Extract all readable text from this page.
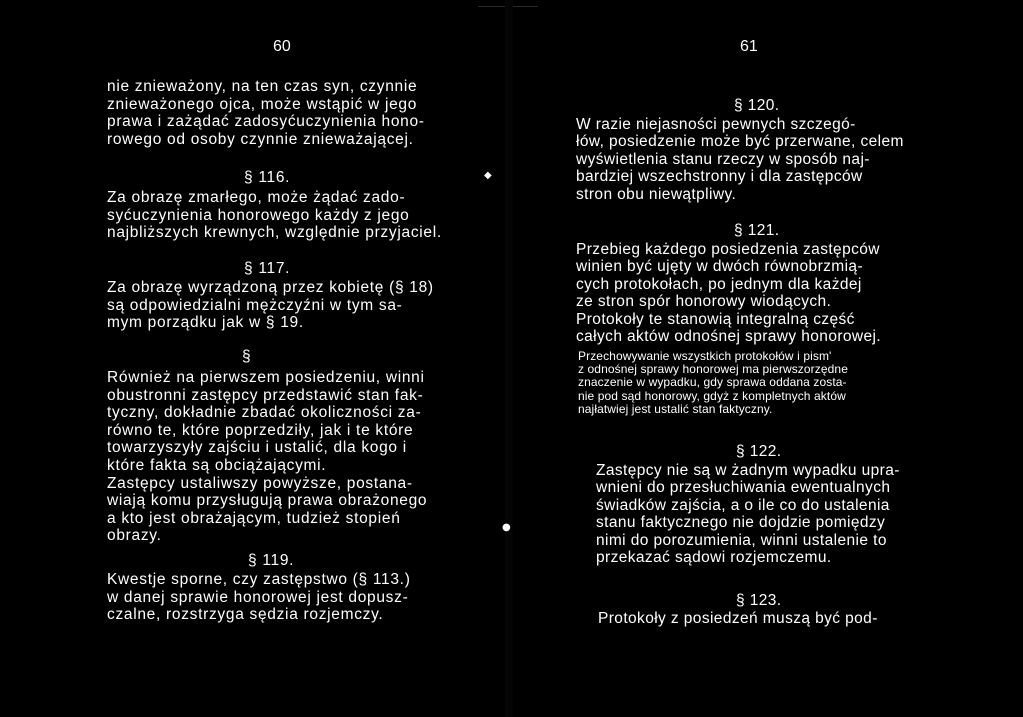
60

nie znieważony, na ten czas syn, czynnie
znieważonego ojca, może wstąpić w jego
prawa i zażądać zadosyćuczynienia hono-
rowego od osoby czynnie znieważającej.

§ 116.

Za obrazę zmarłego, może żądać zado-
syćuczynienia honorowego każdy z jego
najbliższych krewnych, względnie przyjaciel.

§ 117.

Za obrazę wyrządzoną przez kobietę (§ 18)
są odpowiedzialni mężczyźni w tym sa-
mym porządku jak w § 19.

§

Również na pierwszem posiedzeniu, winni
obustronni zastępcy przedstawić stan fak-
tyczny, dokładnie zbadać okoliczności za-
równo te, które poprzedziły, jak i te które
towarzyszyły zajściu i ustalić, dla kogo i
które fakta są obciążającymi.
Zastępcy ustaliwszy powyższe, postana-
wiają komu przysługują prawa obrażonego
a kto jest obrażającym, tudzież stopień
obrazy.

§ 119.

Kwestje sporne, czy zastępstwo (§ 113.)
w danej sprawie honorowej jest dopusz-
czalne, rozstrzyga sędzia rozjemczy.

◆
●
61

§ 120.

W razie niejasności pewnych szczegó-
łów, posiedzenie może być przerwane, celem
wyświetlenia stanu rzeczy w sposób naj-
bardziej wszechstronny i dla zastępców
stron obu niewątpliwy.

§ 121.

Przebieg każdego posiedzenia zastępców
winien być ujęty w dwóch równobrzmią-
cych protokołach, po jednym dla każdej
ze stron spór honorowy wiodących.
Protokoły te stanowią integralną część
całych aktów odnośnej sprawy honorowej.

Przechowywanie wszystkich protokołów i pism'
z odnośnej sprawy honorowej ma pierwszorzędne
znaczenie w wypadku, gdy sprawa oddana zosta-
nie pod sąd honorowy, gdyż z kompletnych aktów
najłatwiej jest ustalić stan faktyczny.

§ 122.

Zastępcy nie są w żadnym wypadku upra-
wnieni do przesłuchiwania ewentualnych
świadków zajścia, a o ile co do ustalenia
stanu faktycznego nie dojdzie pomiędzy
nimi do porozumienia, winni ustalenie to
przekazać sądowi rozjemczemu.

§ 123.

Protokoły z posiedzeń muszą być pod-
